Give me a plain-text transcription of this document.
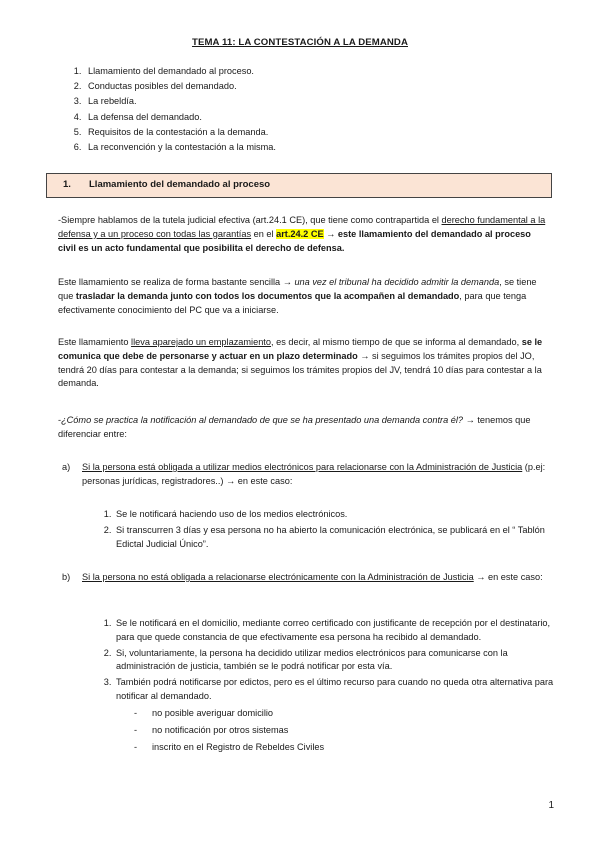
TEMA 11: LA CONTESTACIÓN A LA DEMANDA
1. Llamamiento del demandado al proceso.
2. Conductas posibles del demandado.
3. La rebeldía.
4. La defensa del demandado.
5. Requisitos de la contestación a la demanda.
6. La reconvención y la contestación a la misma.
1.	Llamamiento del demandado al proceso

-Siempre hablamos de la tutela judicial efectiva (art.24.1 CE), que tiene como contrapartida el derecho fundamental a la defensa y a un proceso con todas las garantías en el art.24.2 CE → este llamamiento del demandado al proceso civil es un acto fundamental que posibilita el derecho de defensa.

Este llamamiento se realiza de forma bastante sencilla → una vez el tribunal ha decidido admitir la demanda, se tiene que trasladar la demanda junto con todos los documentos que la acompañen al demandado, para que tenga efectivamente conocimiento del PC que va a iniciarse.

Este llamamiento lleva aparejado un emplazamiento, es decir, al mismo tiempo de que se informa al demandado, se le comunica que debe de personarse y actuar en un plazo determinado → si seguimos los trámites propios del JO, tendrá 20 días para contestar a la demanda; si seguimos los trámites propios del JV, tendrá 10 días para contestar a la demanda.

-¿Cómo se practica la notificación al demandado de que se ha presentado una demanda contra él? → tenemos que diferenciar entre:

a) Si la persona está obligada a utilizar medios electrónicos para relacionarse con la Administración de Justicia (p.ej: personas jurídicas, registradores..) → en este caso:
1. Se le notificará haciendo uso de los medios electrónicos.
2. Si transcurren 3 días y esa persona no ha abierto la comunicación electrónica, se publicará en el “ Tablón Edictal Judicial Único”.
b) Si la persona no está obligada a relacionarse electrónicamente con la Administración de Justicia → en este caso:
1. Se le notificará en el domicilio, mediante correo certificado con justificante de recepción por el destinatario, para que quede constancia de que efectivamente esa persona ha recibido al demandado.
2. Si, voluntariamente, la persona ha decidido utilizar medios electrónicos para comunicarse con la administración de justicia, también se le podrá notificar por esta vía.
3. También podrá notificarse por edictos, pero es el último recurso para cuando no queda otra alternativa para notificar al demandado.
- no posible averiguar domicilio
- no notificación por otros sistemas
- inscrito en el Registro de Rebeldes Civiles
1
